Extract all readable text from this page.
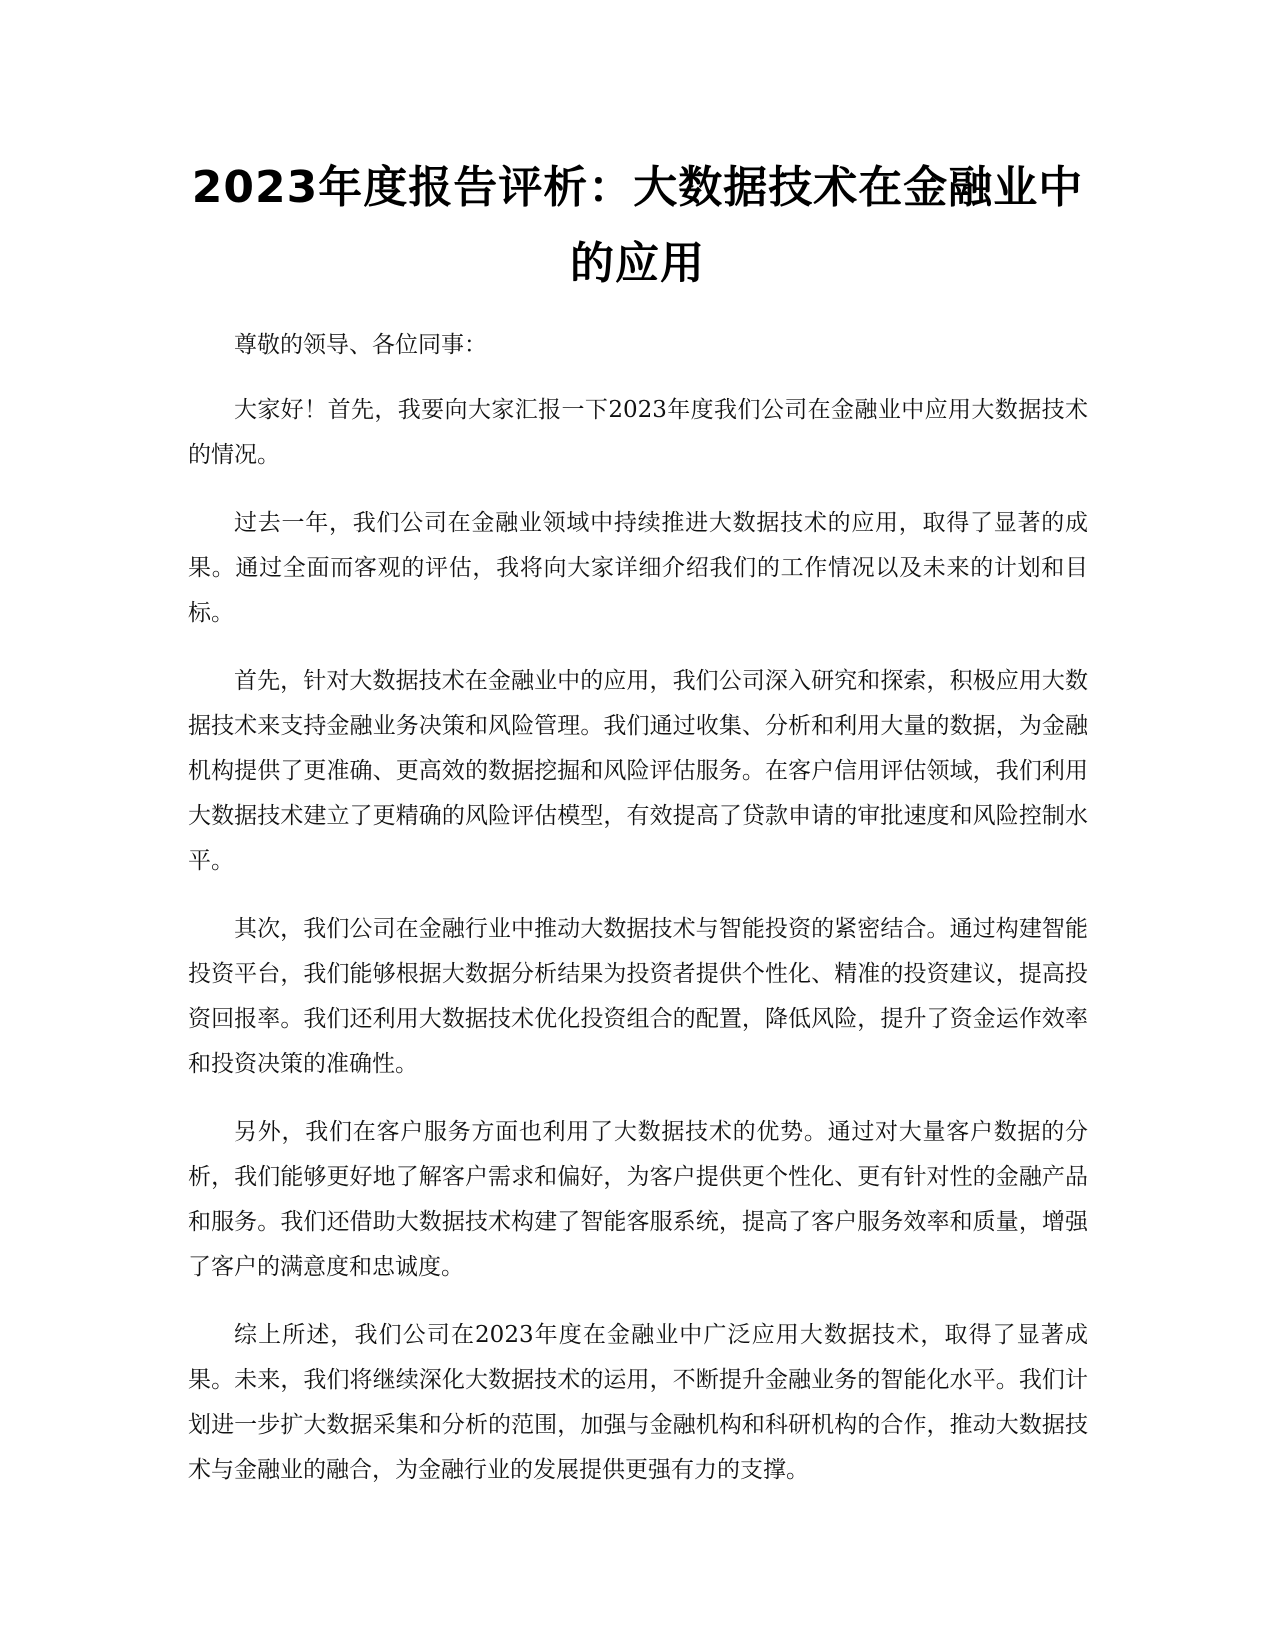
2023年度报告评析：大数据技术在金融业中的应用

尊敬的领导、各位同事：

大家好！首先，我要向大家汇报一下2023年度我们公司在金融业中应用大数据技术的情况。

过去一年，我们公司在金融业领域中持续推进大数据技术的应用，取得了显著的成果。通过全面而客观的评估，我将向大家详细介绍我们的工作情况以及未来的计划和目标。

首先，针对大数据技术在金融业中的应用，我们公司深入研究和探索，积极应用大数据技术来支持金融业务决策和风险管理。我们通过收集、分析和利用大量的数据，为金融机构提供了更准确、更高效的数据挖掘和风险评估服务。在客户信用评估领域，我们利用大数据技术建立了更精确的风险评估模型，有效提高了贷款申请的审批速度和风险控制水平。

其次，我们公司在金融行业中推动大数据技术与智能投资的紧密结合。通过构建智能投资平台，我们能够根据大数据分析结果为投资者提供个性化、精准的投资建议，提高投资回报率。我们还利用大数据技术优化投资组合的配置，降低风险，提升了资金运作效率和投资决策的准确性。

另外，我们在客户服务方面也利用了大数据技术的优势。通过对大量客户数据的分析，我们能够更好地了解客户需求和偏好，为客户提供更个性化、更有针对性的金融产品和服务。我们还借助大数据技术构建了智能客服系统，提高了客户服务效率和质量，增强了客户的满意度和忠诚度。

综上所述，我们公司在2023年度在金融业中广泛应用大数据技术，取得了显著成果。未来，我们将继续深化大数据技术的运用，不断提升金融业务的智能化水平。我们计划进一步扩大数据采集和分析的范围，加强与金融机构和科研机构的合作，推动大数据技术与金融业的融合，为金融行业的发展提供更强有力的支撑。
